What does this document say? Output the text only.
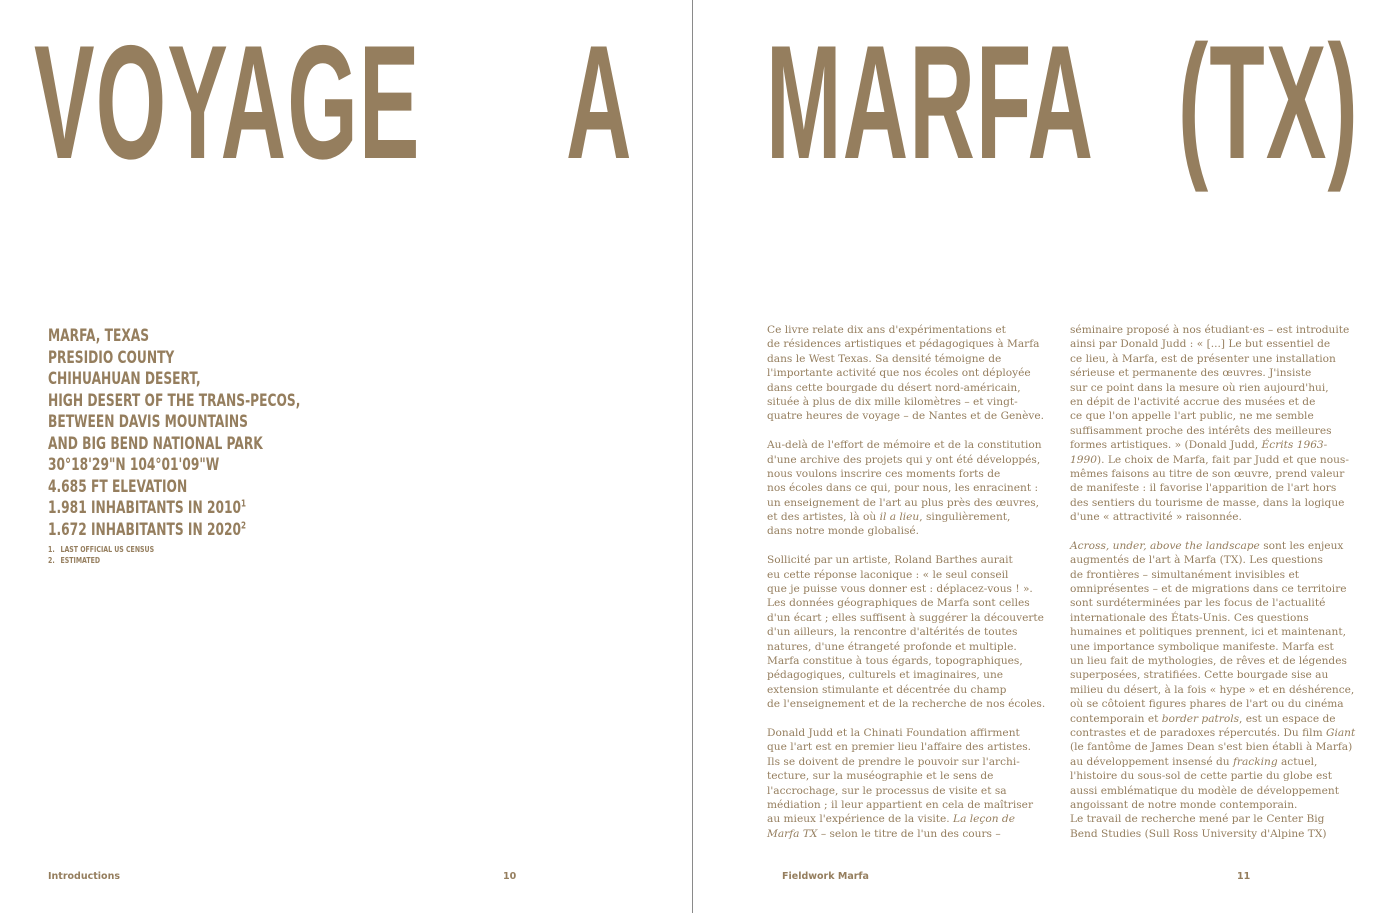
VOYAGE A MARFA (TX)
MARFA, TEXAS
PRESIDIO COUNTY
CHIHUAHUAN DESERT,
HIGH DESERT OF THE TRANS-PECOS,
BETWEEN DAVIS MOUNTAINS
AND BIG BEND NATIONAL PARK
30°18'29"N 104°01'09"W
4.685 FT ELEVATION
1.981 INHABITANTS IN 2010$^1$
1.672 INHABITANTS IN 2020$^2$
1. LAST OFFICIAL US CENSUS
2. ESTIMATED
Ce livre relate dix ans d'expérimentations et
de résidences artistiques et pédagogiques à Marfa
dans le West Texas. Sa densité témoigne de
l'importante activité que nos écoles ont déployée
dans cette bourgade du désert nord-américain,
située à plus de dix mille kilomètres – et vingt-
quatre heures de voyage – de Nantes et de Genève.
Au-delà de l'effort de mémoire et de la constitution
d'une archive des projets qui y ont été développés,
nous voulons inscrire ces moments forts de
nos écoles dans ce qui, pour nous, les enracinent :
un enseignement de l'art au plus près des œuvres,
et des artistes, là où il a lieu, singulièrement,
dans notre monde globalisé.
Sollicité par un artiste, Roland Barthes aurait
eu cette réponse laconique : « le seul conseil
que je puisse vous donner est : déplacez-vous ! ».
Les données géographiques de Marfa sont celles
d'un écart ; elles suffisent à suggérer la découverte
d'un ailleurs, la rencontre d'altérités de toutes
natures, d'une étrangeté profonde et multiple.
Marfa constitue à tous égards, topographiques,
pédagogiques, culturels et imaginaires, une
extension stimulante et décentrée du champ
de l'enseignement et de la recherche de nos écoles.
Donald Judd et la Chinati Foundation affirment
que l'art est en premier lieu l'affaire des artistes.
Ils se doivent de prendre le pouvoir sur l'archi-
tecture, sur la muséographie et le sens de
l'accrochage, sur le processus de visite et sa
médiation ; il leur appartient en cela de maîtriser
au mieux l'expérience de la visite. La leçon de
Marfa TX – selon le titre de l'un des cours –
séminaire proposé à nos étudiant·es – est introduite
ainsi par Donald Judd : « [...] Le but essentiel de
ce lieu, à Marfa, est de présenter une installation
sérieuse et permanente des œuvres. J'insiste
sur ce point dans la mesure où rien aujourd'hui,
en dépit de l'activité accrue des musées et de
ce que l'on appelle l'art public, ne me semble
suffisamment proche des intérêts des meilleures
formes artistiques. » (Donald Judd, Écrits 1963-
1990). Le choix de Marfa, fait par Judd et que nous-
mêmes faisons au titre de son œuvre, prend valeur
de manifeste : il favorise l'apparition de l'art hors
des sentiers du tourisme de masse, dans la logique
d'une « attractivité » raisonnée.
Across, under, above the landscape sont les enjeux
augmentés de l'art à Marfa (TX). Les questions
de frontières – simultanément invisibles et
omniprésentes – et de migrations dans ce territoire
sont surdéterminées par les focus de l'actualité
internationale des États-Unis. Ces questions
humaines et politiques prennent, ici et maintenant,
une importance symbolique manifeste. Marfa est
un lieu fait de mythologies, de rêves et de légendes
superposées, stratifiées. Cette bourgade sise au
milieu du désert, à la fois « hype » et en déshérence,
où se côtoient figures phares de l'art ou du cinéma
contemporain et border patrols, est un espace de
contrastes et de paradoxes répercutés. Du film Giant
(le fantôme de James Dean s'est bien établi à Marfa)
au développement insensé du fracking actuel,
l'histoire du sous-sol de cette partie du globe est
aussi emblématique du modèle de développement
angoissant de notre monde contemporain.
Le travail de recherche mené par le Center Big
Bend Studies (Sull Ross University d'Alpine TX)
Introductions	10	Fieldwork Marfa	11
